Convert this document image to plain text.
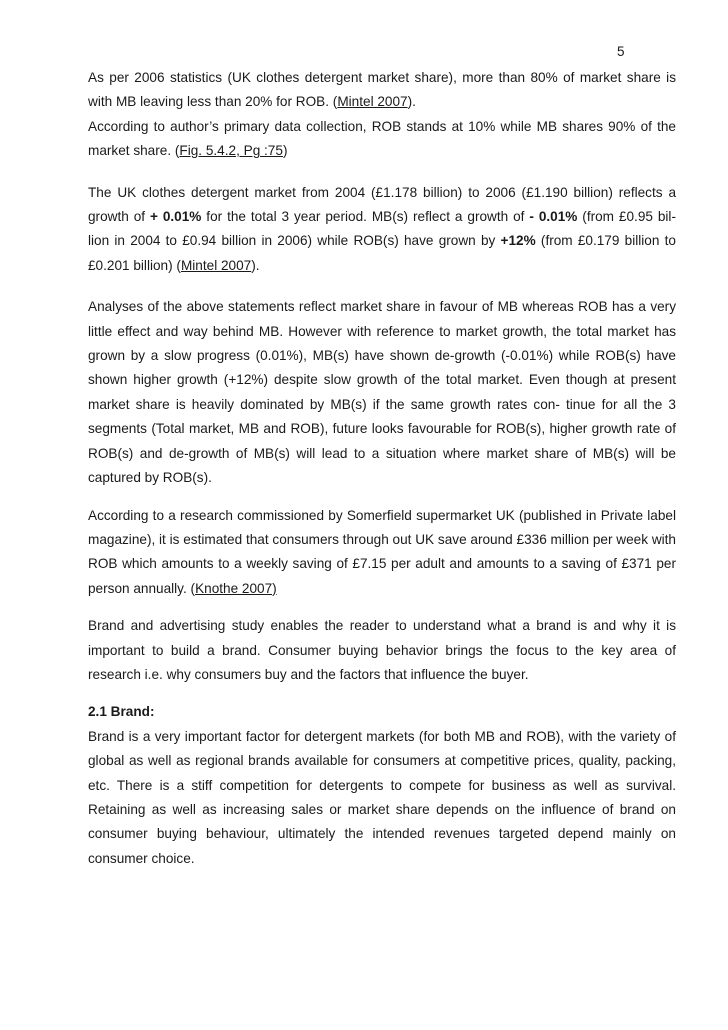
5

As per 2006 statistics (UK clothes detergent market share), more than 80% of market share is with MB leaving less than 20% for ROB. (Mintel 2007).

According to author’s primary data collection, ROB stands at 10% while MB shares 90% of the market share. (Fig. 5.4.2, Pg :75)

The UK clothes detergent market from 2004 (£1.178 billion) to 2006 (£1.190 billion) reflects a growth of + 0.01% for the total 3 year period. MB(s) reflect a growth of - 0.01% (from £0.95 bil- lion in 2004 to £0.94 billion in 2006) while ROB(s) have grown by +12% (from £0.179 billion to £0.201 billion) (Mintel 2007).

Analyses of the above statements reflect market share in favour of MB whereas ROB has a very little effect and way behind MB. However with reference to market growth, the total market has grown by a slow progress (0.01%), MB(s) have shown de-growth (-0.01%) while ROB(s) have shown higher growth (+12%) despite slow growth of the total market. Even though at present market share is heavily dominated by MB(s) if the same growth rates con- tinue for all the 3 segments (Total market, MB and ROB), future looks favourable for ROB(s), higher growth rate of ROB(s) and de-growth of MB(s) will lead to a situation where market share of MB(s) will be captured by ROB(s).

According to a research commissioned by Somerfield supermarket UK (published in Private label magazine), it is estimated that consumers through out UK save around £336 million per week with ROB which amounts to a weekly saving of £7.15 per adult and amounts to a saving of £371 per person annually. (Knothe 2007)

Brand and advertising study enables the reader to understand what a brand is and why it is important to build a brand. Consumer buying behavior brings the focus to the key area of research i.e. why consumers buy and the factors that influence the buyer.

2.1 Brand:

Brand is a very important factor for detergent markets (for both MB and ROB), with the variety of global as well as regional brands available for consumers at competitive prices, quality, packing, etc. There is a stiff competition for detergents to compete for business as well as survival. Retaining as well as increasing sales or market share depends on the influence of brand on consumer buying behaviour, ultimately the intended revenues targeted depend mainly on consumer choice.
